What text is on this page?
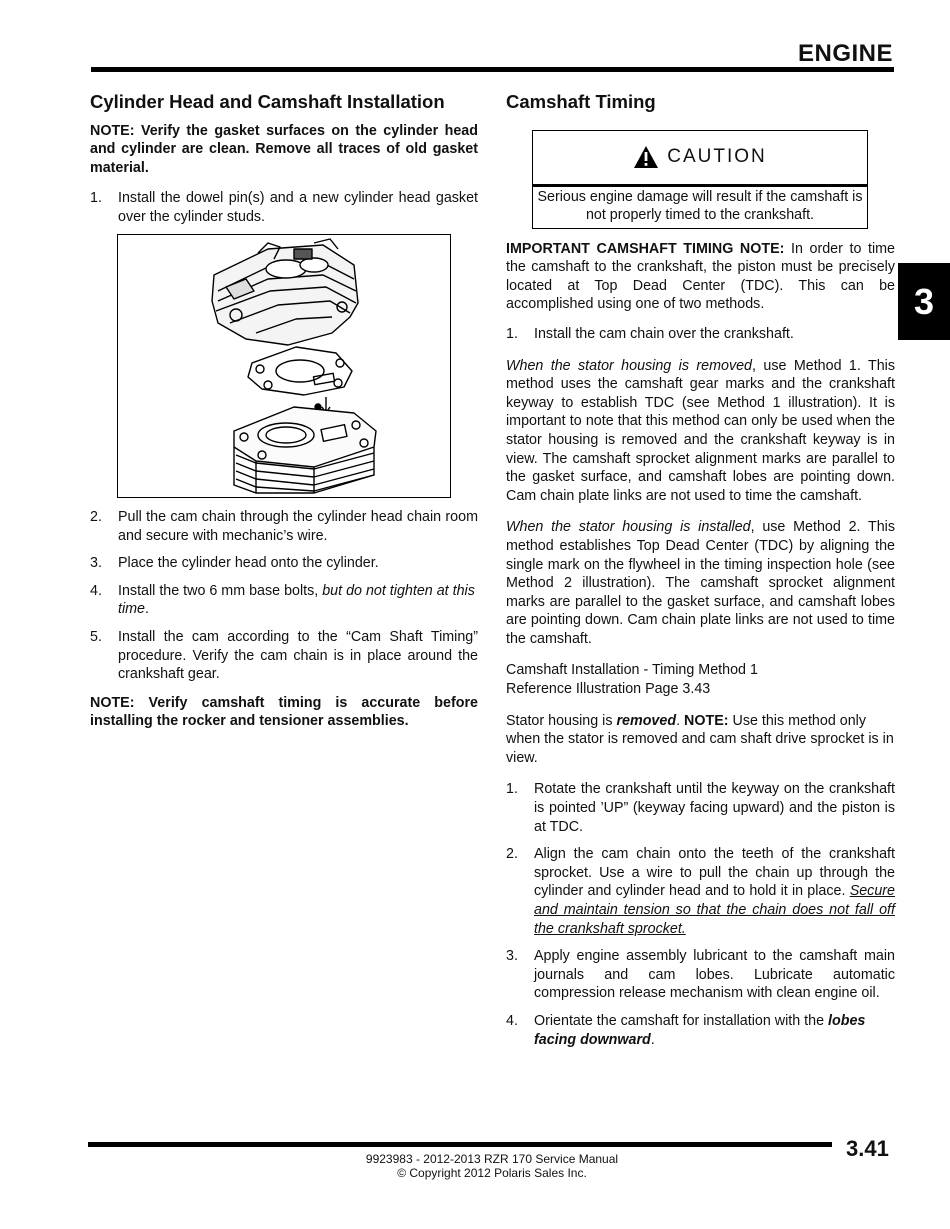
ENGINE
3
Cylinder Head and Camshaft Installation

NOTE: Verify the gasket surfaces on the cylinder head and cylinder are clean. Remove all traces of old gasket material.

1. Install the dowel pin(s) and a new cylinder head gasket over the cylinder studs.
2. Pull the cam chain through the cylinder head chain room and secure with mechanic’s wire.
3. Place the cylinder head onto the cylinder.
4. Install the two 6 mm base bolts, but do not tighten at this time.
5. Install the cam according to the “Cam Shaft Timing” procedure. Verify the cam chain is in place around the crankshaft gear.

NOTE: Verify camshaft timing is accurate before installing the rocker and tensioner assemblies.

Camshaft Timing
CAUTION
Serious engine damage will result if the camshaft is not properly timed to the crankshaft.

IMPORTANT CAMSHAFT TIMING NOTE: In order to time the camshaft to the crankshaft, the piston must be precisely located at Top Dead Center (TDC). This can be accomplished using one of two methods.

1. Install the cam chain over the crankshaft.

When the stator housing is removed, use Method 1. This method uses the camshaft gear marks and the crankshaft keyway to establish TDC (see Method 1 illustration). It is important to note that this method can only be used when the stator housing is removed and the crankshaft keyway is in view. The camshaft sprocket alignment marks are parallel to the gasket surface, and camshaft lobes are pointing down. Cam chain plate links are not used to time the camshaft.

When the stator housing is installed, use Method 2. This method establishes Top Dead Center (TDC) by aligning the single mark on the flywheel in the timing inspection hole (see Method 2 illustration). The camshaft sprocket alignment marks are parallel to the gasket surface, and camshaft lobes are pointing down. Cam chain plate links are not used to time the camshaft.

Camshaft Installation - Timing Method 1

Reference Illustration Page 3.43

Stator housing is removed. NOTE: Use this method only when the stator is removed and cam shaft drive sprocket is in view.

1. Rotate the crankshaft until the keyway on the crankshaft is pointed ’UP” (keyway facing upward) and the piston is at TDC.
2. Align the cam chain onto the teeth of the crankshaft sprocket. Use a wire to pull the chain up through the cylinder and cylinder head and to hold it in place. Secure and maintain tension so that the chain does not fall off the crankshaft sprocket.
3. Apply engine assembly lubricant to the camshaft main journals and cam lobes. Lubricate automatic compression release mechanism with clean engine oil.
4. Orientate the camshaft for installation with the lobes facing downward.
3.41
9923983 - 2012-2013 RZR 170 Service Manual
© Copyright 2012 Polaris Sales Inc.
